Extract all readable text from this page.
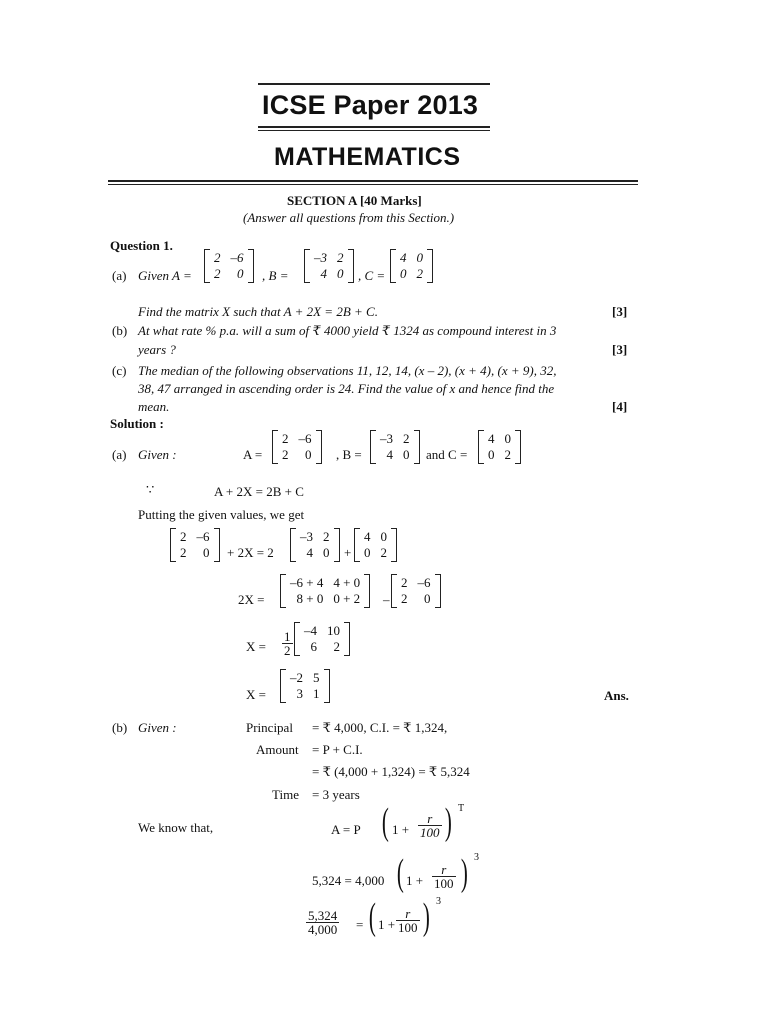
ICSE Paper 2013
MATHEMATICS
SECTION A [40 Marks]
(Answer all questions from this Section.)
Question 1.
(a) Given A =
2	–6
2	0 , B =
–3	2
4	0 , C =
4	0
0	2
Find the matrix X such that A + 2X = 2B + C.	[3]
(b) At what rate % p.a. will a sum of ₹ 4000 yield ₹ 1324 as compound interest in 3
years ?	[3]
(c) The median of the following observations 11, 12, 14, (x – 2), (x + 4), (x + 9), 32,
38, 47 arranged in ascending order is 24. Find the value of x and hence find the
mean.	[4]
Solution :
(a) Given :	A =
2	–6
2	0 , B =
–3	2
4	0 and C =
4	0
0	2
∵	A + 2X = 2B + C
Putting the given values, we get
2	–6
2	0 + 2X = 2
–3	2
4	0 +
4	0
0	2
2X =
–6 + 4	4 + 0
8 + 0	0 + 2 –
2	–6
2	0
$X = \frac{1}{2} -4$	10
6	2
X =
–2	5
3	1	Ans.
(b) Given :	Principal = ₹ 4,000, C.I. = ₹ 1,324,
Amount = P + C.I.
= ₹ (4,000 + 1,324) = ₹ 5,324
Time = 3 years
We know that,	A = P ( $1 + \frac{r}{100}$ ) T
5,324 = 4,000 ( $1 + \frac{r}{100}$ ) 3
$\frac{5,324}{4,000}$ = ( $1 + \frac{r}{100}$ ) 3
